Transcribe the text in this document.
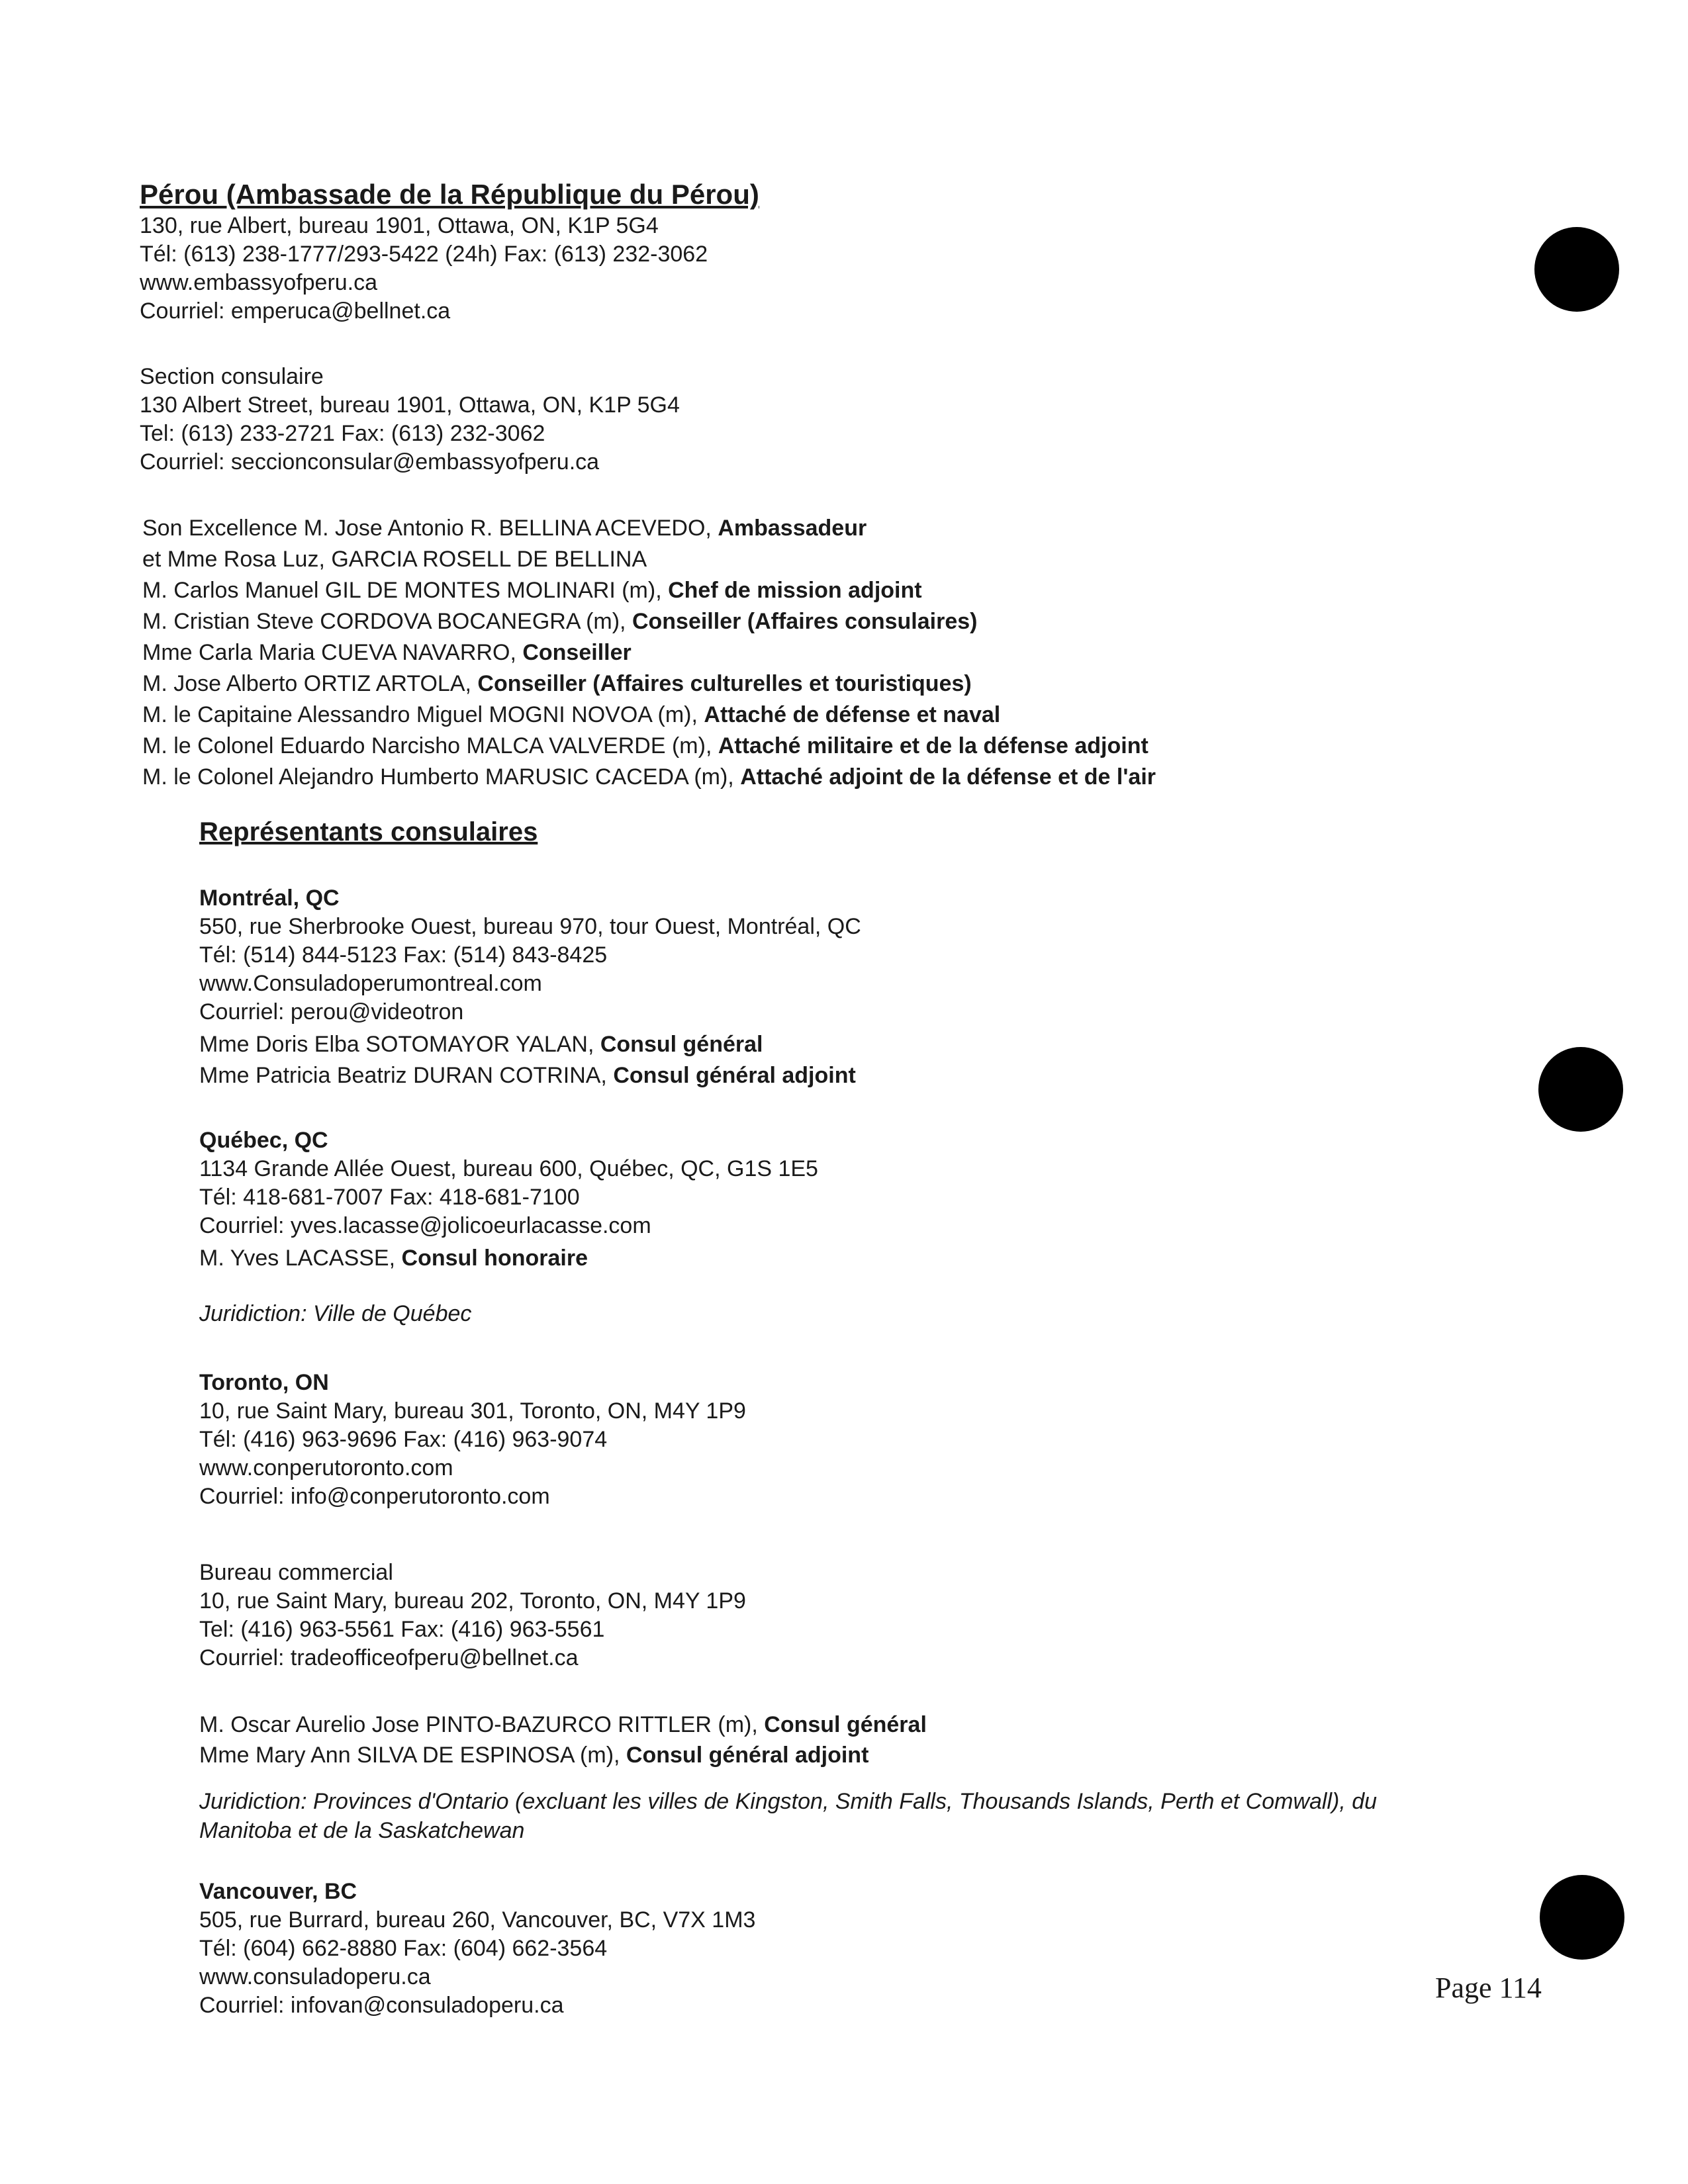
Pérou (Ambassade de la République du Pérou)
130, rue Albert, bureau 1901, Ottawa, ON, K1P 5G4
Tél: (613) 238-1777/293-5422 (24h) Fax: (613) 232-3062
www.embassyofperu.ca
Courriel: emperuca@bellnet.ca
Section consulaire
130 Albert Street, bureau 1901, Ottawa, ON, K1P 5G4
Tel: (613) 233-2721 Fax: (613) 232-3062
Courriel: seccionconsular@embassyofperu.ca
Son Excellence M. Jose Antonio R. BELLINA ACEVEDO, Ambassadeur
et Mme Rosa Luz, GARCIA ROSELL DE BELLINA
M. Carlos Manuel GIL DE MONTES MOLINARI (m), Chef de mission adjoint
M. Cristian Steve CORDOVA BOCANEGRA (m), Conseiller (Affaires consulaires)
Mme Carla Maria CUEVA NAVARRO, Conseiller
M. Jose Alberto ORTIZ ARTOLA, Conseiller (Affaires culturelles et touristiques)
M. le Capitaine Alessandro Miguel MOGNI NOVOA (m), Attaché de défense et naval
M. le Colonel Eduardo Narcisho MALCA VALVERDE (m), Attaché militaire et de la défense adjoint
M. le Colonel Alejandro Humberto MARUSIC CACEDA (m), Attaché adjoint de la défense et de l'air
Représentants consulaires
Montréal, QC
550, rue Sherbrooke Ouest, bureau 970, tour Ouest, Montréal, QC
Tél: (514) 844-5123 Fax: (514) 843-8425
www.Consuladoperumontreal.com
Courriel: perou@videotron
Mme Doris Elba SOTOMAYOR YALAN, Consul général
Mme Patricia Beatriz DURAN COTRINA, Consul général adjoint
Québec, QC
1134 Grande Allée Ouest, bureau 600, Québec, QC, G1S 1E5
Tél: 418-681-7007 Fax: 418-681-7100
Courriel: yves.lacasse@jolicoeurlacasse.com
M. Yves LACASSE, Consul honoraire
Juridiction: Ville de Québec
Toronto, ON
10, rue Saint Mary, bureau 301, Toronto, ON, M4Y 1P9
Tél: (416) 963-9696 Fax: (416) 963-9074
www.conperutoronto.com
Courriel: info@conperutoronto.com
Bureau commercial
10, rue Saint Mary, bureau 202, Toronto, ON, M4Y 1P9
Tel: (416) 963-5561 Fax: (416) 963-5561
Courriel: tradeofficeofperu@bellnet.ca
M. Oscar Aurelio Jose PINTO-BAZURCO RITTLER (m), Consul général
Mme Mary Ann SILVA DE ESPINOSA (m), Consul général adjoint
Juridiction: Provinces d'Ontario (excluant les villes de Kingston, Smith Falls, Thousands Islands, Perth et Comwall), du
Manitoba et de la Saskatchewan
Vancouver, BC
505, rue Burrard, bureau 260, Vancouver, BC, V7X 1M3
Tél: (604) 662-8880 Fax: (604) 662-3564
www.consuladoperu.ca
Courriel: infovan@consuladoperu.ca
Page 114
